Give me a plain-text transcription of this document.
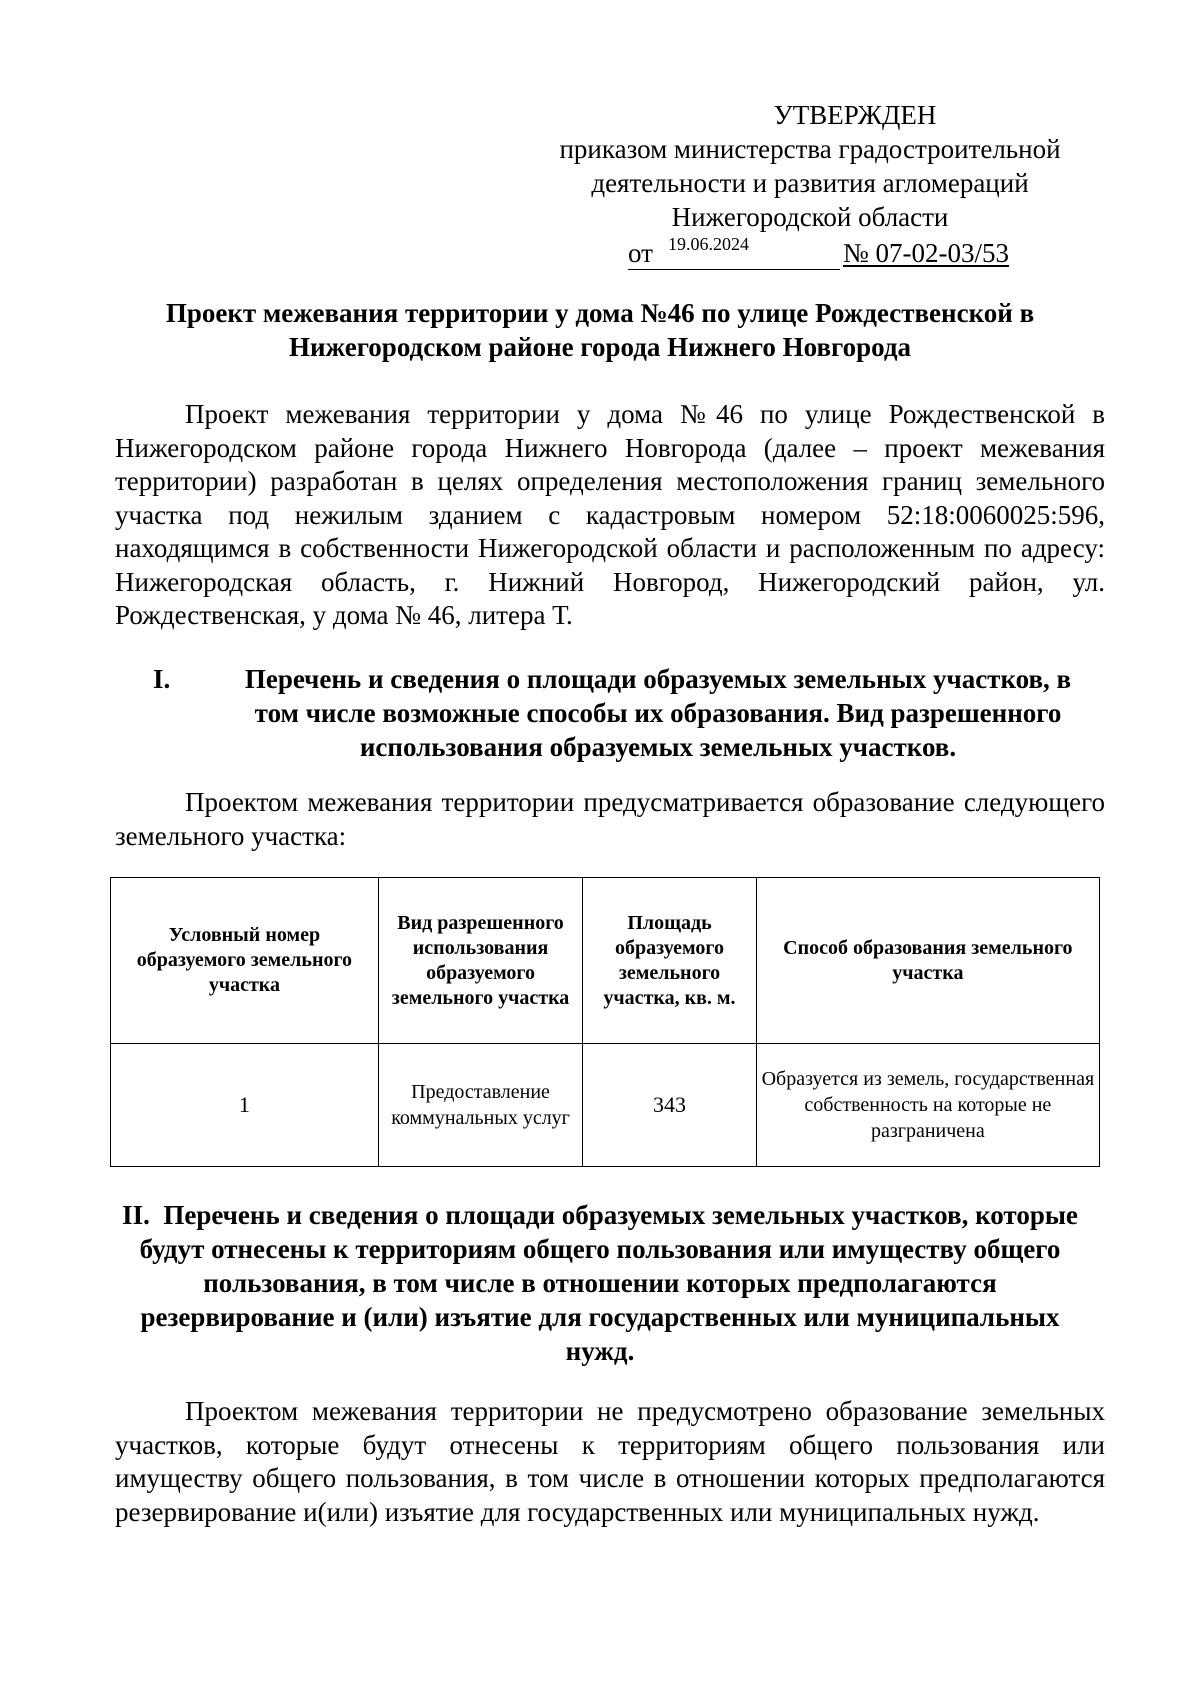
УТВЕРЖДЕН
приказом министерства градостроительной
деятельности и развития агломераций
Нижегородской области
от 19.06.2024	№ 07-02-03/53
Проект межевания территории у дома №46 по улице Рождественской в Нижегородском районе города Нижнего Новгорода
Проект межевания территории у дома №46 по улице Рождественской в Нижегородском районе города Нижнего Новгорода (далее – проект межевания территории) разработан в целях определения местоположения границ земельного участка под нежилым зданием с кадастровым номером 52:18:0060025:596, находящимся в собственности Нижегородской области и расположенным по адресу: Нижегородская область, г. Нижний Новгород, Нижегородский район, ул. Рождественская, у дома № 46, литера Т.
I.	Перечень и сведения о площади образуемых земельных участков, в том числе возможные способы их образования. Вид разрешенного использования образуемых земельных участков.
Проектом межевания территории предусматривается образование следующего земельного участка:
Условный номер образуемого земельного участка	Вид разрешенного использования образуемого земельного участка	Площадь образуемого земельного участка, кв. м.	Способ образования земельного участка
1	Предоставление коммунальных услуг	343	Образуется из земель, государственная собственность на которые не разграничена
II. Перечень и сведения о площади образуемых земельных участков, которые будут отнесены к территориям общего пользования или имуществу общего пользования, в том числе в отношении которых предполагаются резервирование и (или) изъятие для государственных или муниципальных нужд.
Проектом межевания территории не предусмотрено образование земельных участков, которые будут отнесены к территориям общего пользования или имуществу общего пользования, в том числе в отношении которых предполагаются резервирование и(или) изъятие для государственных или муниципальных нужд.
